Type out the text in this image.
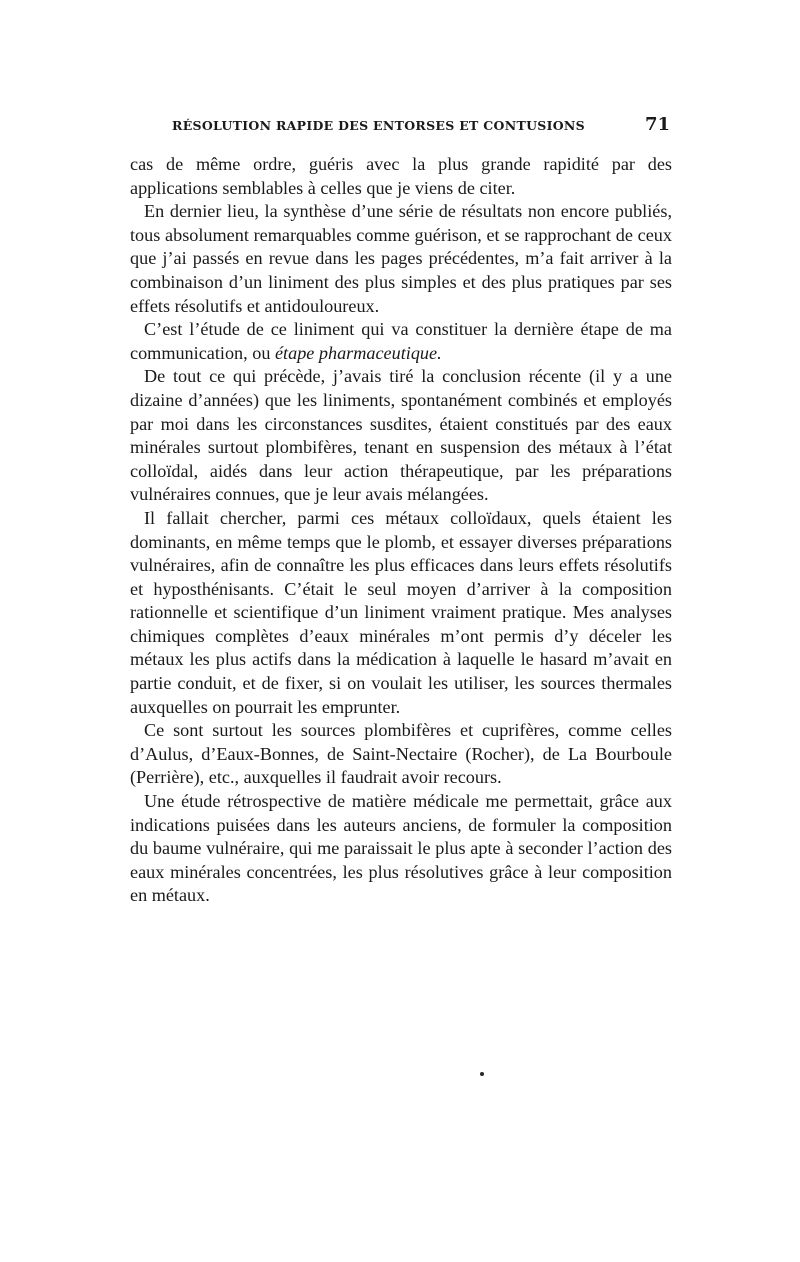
RÉSOLUTION RAPIDE DES ENTORSES ET CONTUSIONS	71

cas de même ordre, guéris avec la plus grande rapidité par des applications semblables à celles que je viens de citer.

En dernier lieu, la synthèse d’une série de résultats non encore publiés, tous absolument remarquables comme guérison, et se rapprochant de ceux que j’ai passés en revue dans les pages précédentes, m’a fait arriver à la combinaison d’un liniment des plus simples et des plus pratiques par ses effets résolutifs et antidouloureux.

C’est l’étude de ce liniment qui va constituer la dernière étape de ma communication, ou étape pharmaceutique.

De tout ce qui précède, j’avais tiré la conclusion récente (il y a une dizaine d’années) que les liniments, spontanément combinés et employés par moi dans les circonstances susdites, étaient constitués par des eaux minérales surtout plombifères, tenant en suspension des métaux à l’état colloïdal, aidés dans leur action thérapeutique, par les préparations vulnéraires connues, que je leur avais mélangées.

Il fallait chercher, parmi ces métaux colloïdaux, quels étaient les dominants, en même temps que le plomb, et essayer diverses préparations vulnéraires, afin de connaître les plus efficaces dans leurs effets résolutifs et hyposthénisants. C’était le seul moyen d’arriver à la composition rationnelle et scientifique d’un liniment vraiment pratique. Mes analyses chimiques complètes d’eaux minérales m’ont permis d’y déceler les métaux les plus actifs dans la médication à laquelle le hasard m’avait en partie conduit, et de fixer, si on voulait les utiliser, les sources thermales auxquelles on pourrait les emprunter.

Ce sont surtout les sources plombifères et cuprifères, comme celles d’Aulus, d’Eaux-Bonnes, de Saint-Nectaire (Rocher), de La Bourboule (Perrière), etc., auxquelles il faudrait avoir recours.

Une étude rétrospective de matière médicale me permettait, grâce aux indications puisées dans les auteurs anciens, de formuler la composition du baume vulnéraire, qui me paraissait le plus apte à seconder l’action des eaux minérales concentrées, les plus résolutives grâce à leur composition en métaux.
